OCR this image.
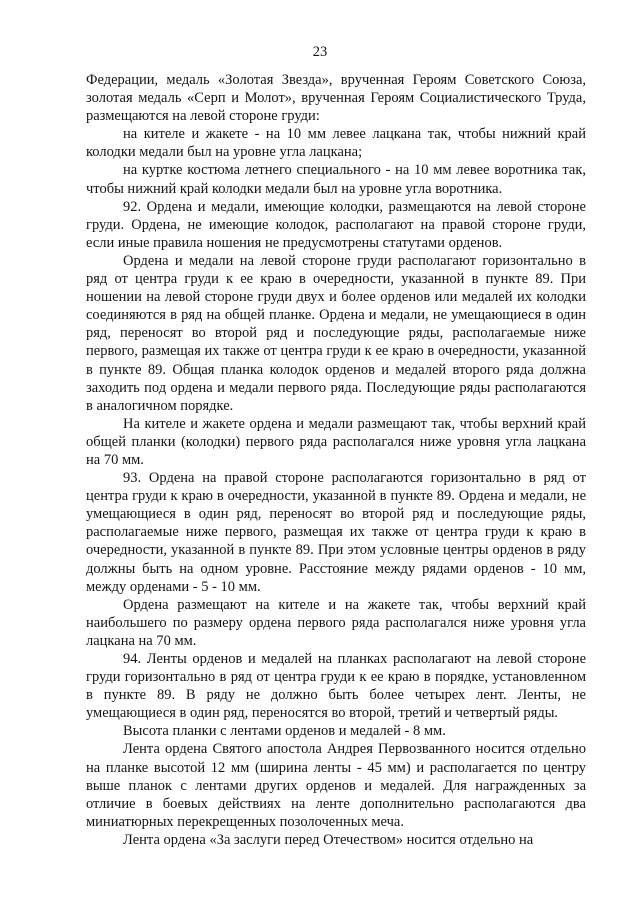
23

Федерации, медаль «Золотая Звезда», врученная Героям Советского Союза, золотая медаль «Серп и Молот», врученная Героям Социалистического Труда, размещаются на левой стороне груди:

на кителе и жакете - на 10 мм левее лацкана так, чтобы нижний край колодки медали был на уровне угла лацкана;

на куртке костюма летнего специального - на 10 мм левее воротника так, чтобы нижний край колодки медали был на уровне угла воротника.

92. Ордена и медали, имеющие колодки, размещаются на левой стороне груди. Ордена, не имеющие колодок, располагают на правой стороне груди, если иные правила ношения не предусмотрены статутами орденов.

Ордена и медали на левой стороне груди располагают горизонтально в ряд от центра груди к ее краю в очередности, указанной в пункте 89. При ношении на левой стороне груди двух и более орденов или медалей их колодки соединяются в ряд на общей планке. Ордена и медали, не умещающиеся в один ряд, переносят во второй ряд и последующие ряды, располагаемые ниже первого, размещая их также от центра груди к ее краю в очередности, указанной в пункте 89. Общая планка колодок орденов и медалей второго ряда должна заходить под ордена и медали первого ряда. Последующие ряды располагаются в аналогичном порядке.

На кителе и жакете ордена и медали размещают так, чтобы верхний край общей планки (колодки) первого ряда располагался ниже уровня угла лацкана на 70 мм.

93. Ордена на правой стороне располагаются горизонтально в ряд от центра груди к краю в очередности, указанной в пункте 89. Ордена и медали, не умещающиеся в один ряд, переносят во второй ряд и последующие ряды, располагаемые ниже первого, размещая их также от центра груди к краю в очередности, указанной в пункте 89. При этом условные центры орденов в ряду должны быть на одном уровне. Расстояние между рядами орденов - 10 мм, между орденами - 5 - 10 мм.

Ордена размещают на кителе и на жакете так, чтобы верхний край наибольшего по размеру ордена первого ряда располагался ниже уровня угла лацкана на 70 мм.

94. Ленты орденов и медалей на планках располагают на левой стороне груди горизонтально в ряд от центра груди к ее краю в порядке, установленном в пункте 89. В ряду не должно быть более четырех лент. Ленты, не умещающиеся в один ряд, переносятся во второй, третий и четвертый ряды.

Высота планки с лентами орденов и медалей - 8 мм.

Лента ордена Святого апостола Андрея Первозванного носится отдельно на планке высотой 12 мм (ширина ленты - 45 мм) и располагается по центру выше планок с лентами других орденов и медалей. Для награжденных за отличие в боевых действиях на ленте дополнительно располагаются два миниатюрных перекрещенных позолоченных меча.

Лента ордена «За заслуги перед Отечеством» носится отдельно на
